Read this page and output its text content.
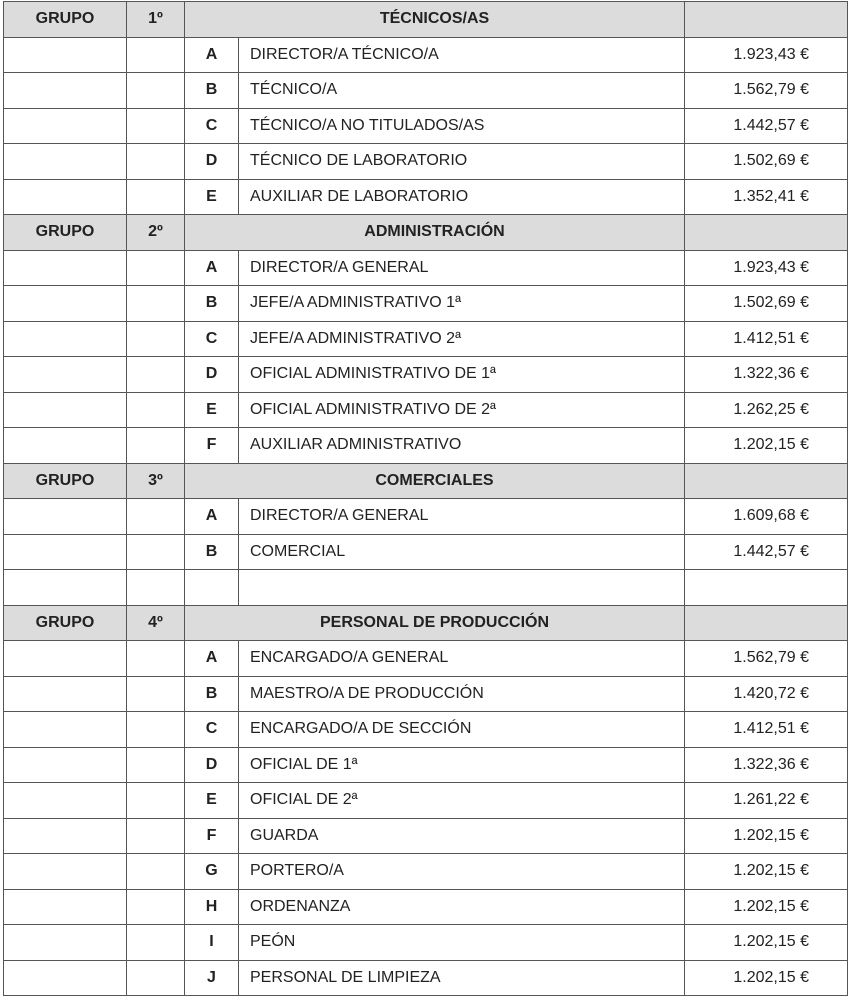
GRUPO	1º	TÉCNICOS/AS		
		A	DIRECTOR/A TÉCNICO/A	1.923,43 €
		B	TÉCNICO/A	1.562,79 €
		C	TÉCNICO/A NO TITULADOS/AS	1.442,57 €
		D	TÉCNICO DE LABORATORIO	1.502,69 €
		E	AUXILIAR DE LABORATORIO	1.352,41 €
GRUPO	2º	ADMINISTRACIÓN		
		A	DIRECTOR/A GENERAL	1.923,43 €
		B	JEFE/A ADMINISTRATIVO 1ª	1.502,69 €
		C	JEFE/A ADMINISTRATIVO 2ª	1.412,51 €
		D	OFICIAL ADMINISTRATIVO DE 1ª	1.322,36 €
		E	OFICIAL ADMINISTRATIVO DE 2ª	1.262,25 €
		F	AUXILIAR ADMINISTRATIVO	1.202,15 €
GRUPO	3º	COMERCIALES		
		A	DIRECTOR/A GENERAL	1.609,68 €
		B	COMERCIAL	1.442,57 €

GRUPO	4º	PERSONAL DE PRODUCCIÓN		
		A	ENCARGADO/A GENERAL	1.562,79 €
		B	MAESTRO/A DE PRODUCCIÓN	1.420,72 €
		C	ENCARGADO/A DE SECCIÓN	1.412,51 €
		D	OFICIAL DE 1ª	1.322,36 €
		E	OFICIAL DE 2ª	1.261,22 €
		F	GUARDA	1.202,15 €
		G	PORTERO/A	1.202,15 €
		H	ORDENANZA	1.202,15 €
		I	PEÓN	1.202,15 €
		J	PERSONAL DE LIMPIEZA	1.202,15 €
